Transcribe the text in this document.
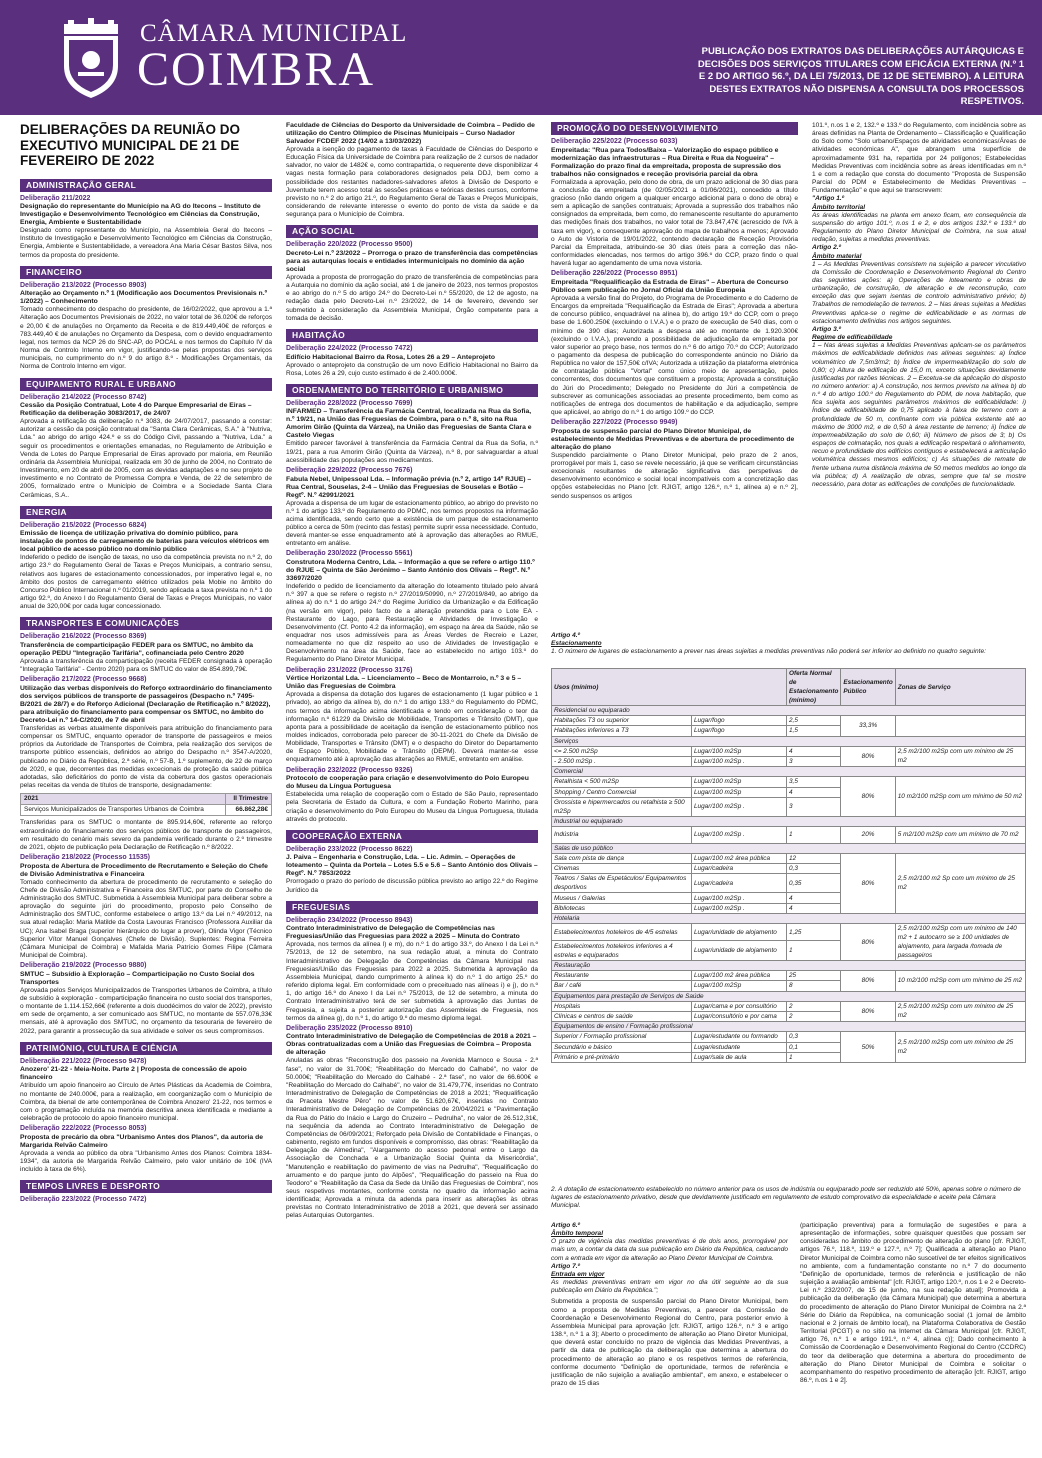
CÂMARA MUNICIPAL
COIMBRA	PUBLICAÇÃO DOS EXTRATOS DAS DELIBERAÇÕES AUTÁRQUICAS E DECISÕES DOS SERVIÇOS TITULARES COM EFICÁCIA EXTERNA (N.º 1 E 2 DO ARTIGO 56.º, DA LEI 75/2013, DE 12 DE SETEMBRO). A LEITURA DESTES EXTRATOS NÃO DISPENSA A CONSULTA DOS PROCESSOS RESPETIVOS.
DELIBERAÇÕES DA REUNIÃO DO EXECUTIVO MUNICIPAL DE 21 DE FEVEREIRO DE 2022
ADMINISTRAÇÃO GERAL
Deliberação 211/2022
Designação do representante do Município na AG do Itecons – Instituto de Investigação e Desenvolvimento Tecnológico em Ciências da Construção, Energia, Ambiente e Sustentabilidade
Designado como representante do Município, na Assembleia Geral do Itecons – Instituto de Investigação e Desenvolvimento Tecnológico em Ciências da Construção, Energia, Ambiente e Sustentabilidade, a vereadora Ana Maria César Bastos Silva, nos termos da proposta do presidente.
FINANCEIRO
Deliberação 213/2022 (Processo 8903)
Alteração ao Orçamento n.º 1 (Modificação aos Documentos Previsionais n.º 1/2022) – Conhecimento
Tomado conhecimento do despacho do presidente, de 16/02/2022, que aprovou a 1.ª Alteração aos Documentos Previsionais de 2022, no valor total de 36.020€ de reforços e 20,00 € de anulações no Orçamento da Receita e de 819.449,40€ de reforços e 783.449,40 € de anulações no Orçamento da Despesa, com o devido enquadramento legal, nos termos da NCP 26 do SNC-AP, do POCAL e nos termos do Capítulo IV da Norma de Controlo Interno em vigor, justificando-se pelas propostas dos serviços municipais, no cumprimento do n.º 9 do artigo 8.º - Modificações Orçamentais, da Norma de Controlo Interno em vigor.
EQUIPAMENTO RURAL E URBANO
Deliberação 214/2022 (Processo 8742)
Cessão da Posição Contratual, Lote 4 do Parque Empresarial de Eiras – Retificação da deliberação 3083/2017, de 24/07
Aprovada a retificação da deliberação n.º 3083, de 24/07/2017, passando a constar: autorizar a cessão da posição contratual da "Santa Clara Cerâmicas, S.A." à "Nutriva, Lda." ao abrigo do artigo 424.º e ss do Código Civil, passando a "Nutriva, Lda." a seguir os procedimentos e orientações emanadas, no Regulamento de Atribuição e Venda de Lotes do Parque Empresarial de Eiras aprovado por maioria, em Reunião ordinária da Assembleia Municipal, realizada em 30 de junho de 2004, no Contrato de Investimento, em 20 de abril de 2005, com as devidas adaptações e no seu projeto de investimento e no Contrato de Promessa Compra e Venda, de 22 de setembro de 2005, formalizado entre o Município de Coimbra e a Sociedade Santa Clara Cerâmicas, S.A..
ENERGIA
Deliberação 215/2022 (Processo 6824)
Emissão de licença de utilização privativa do domínio público, para instalação de pontos de carregamento de baterias para veículos elétricos em local público de acesso público no domínio público
Indeferido o pedido de isenção de taxas, no uso da competência prevista no n.º 2, do artigo 23.º do Regulamento Geral de Taxas e Preços Municipais, a contrario sensu, relativos aos lugares de estacionamento concessionados, por imperativo legal e, no âmbito dos postos de carregamento elétrico utilizados pela Mobie no âmbito do Concurso Público Internacional n.º 01/2019, sendo aplicada a taxa prevista no n.º 1 do artigo 92.º, do Anexo I do Regulamento Geral de Taxas e Preços Municipais, no valor anual de 320,00€ por cada lugar concessionado.
TRANSPORTES E COMUNICAÇÕES
Deliberação 216/2022 (Processo 8369)
Transferência de comparticipação FEDER para os SMTUC, no âmbito da operação PEDU "Integração Tarifária", cofinanciada pelo Centro 2020
Aprovada a transferência da comparticipação (receita FEDER consignada à operação "Integração Tarifária" - Centro 2020) para os SMTUC do valor de 854.899,79€.
Deliberação 217/2022 (Processo 9668)
Utilização das verbas disponíveis do Reforço extraordinário do financiamento dos serviços públicos de transporte de passageiros (Despacho n.º 7495-B/2021 de 28/7) e do Reforço Adicional (Declaração de Retificação n.º 8/2022), para atribuição do financiamento para compensar os SMTUC, no âmbito do Decreto-Lei n.º 14-C/2020, de 7 de abril
Transferidas as verbas atualmente disponíveis para atribuição do financiamento para compensar os SMTUC, enquanto operador de transporte de passageiros e meios próprios da Autoridade de Transportes de Coimbra, pela realização dos serviços de transporte público essenciais, definidos ao abrigo do Despacho n.º 3547-A/2020, publicado no Diário da República, 2.ª série, n.º 57-B, 1.º suplemento, de 22 de março de 2020, e que, decorrentes das medidas excecionais de proteção da saúde pública adotadas, são deficitários do ponto de vista da cobertura dos gastos operacionais pelas receitas da venda de títulos de transporte, designadamente:
2021	II Trimestre
Serviços Municipalizados de Transportes Urbanos de Coimbra	66.862,28€
Transferidas para os SMTUC o montante de 895.914,60€, referente ao reforço extraordinário do financiamento dos serviços públicos de transporte de passageiros, em resultado do cenário mais severo da pandemia verificado durante o 2.º trimestre de 2021, objeto de publicação pela Declaração de Retificação n.º 8/2022.
Deliberação 218/2022 (Processo 11535)
Proposta de Abertura de Procedimento de Recrutamento e Seleção do Chefe de Divisão Administrativa e Financeira
Tomado conhecimento da abertura de procedimento de recrutamento e seleção do Chefe de Divisão Administrativa e Financeira dos SMTUC, por parte do Conselho de Administração dos SMTUC. Submetida à Assembleia Municipal para deliberar sobre a aprovação do seguinte júri do procedimento, proposto pelo Conselho de Administração dos SMTUC, conforme estabelece o artigo 13.º da Lei n.º 49/2012, na sua atual redação: Maria Matilde da Costa Lavouras Francisco (Professora Auxiliar da UC); Ana Isabel Braga (superior hierárquico do lugar a prover), Olinda Vigor (Técnico Superior Vítor Manuel Gonçalves (Chefe de Divisão). Suplentes: Regina Ferreira (Câmara Municipal de Coimbra) e Mafalda Maria Patrício Gomes Filipe (Câmara Municipal de Coimbra).
Deliberação 219/2022 (Processo 9880)
SMTUC – Subsídio à Exploração – Comparticipação no Custo Social dos Transportes
Aprovada pelos Serviços Municipalizados de Transportes Urbanos de Coimbra, a título de subsídio à exploração - comparticipação financeira no custo social dos transportes, o montante de 1.114.152,66€ (referente a dois duodécimos do valor de 2022), previsto em sede de orçamento, a ser comunicado aos SMTUC, no montante de 557.076,33€ mensais, até à aprovação dos SMTUC, no orçamento da tesouraria de fevereiro de 2022, para garantir a prossecução da sua atividade e solver os seus compromissos.
PATRIMÓNIO, CULTURA E CIÊNCIA
Deliberação 221/2022 (Processo 9478)
Anozero' 21-22 - Meia-Noite. Parte 2 | Proposta de concessão de apoio financeiro
Atribuído um apoio financeiro ao Círculo de Artes Plásticas da Academia de Coimbra, no montante de 240.000€, para a realização, em coorganização com o Município de Coimbra, da bienal de arte contemporânea de Coimbra Anozero' 21-22, nos termos e com o programação incluída na memória descritiva anexa identificada e mediante a celebração de protocolo do apoio financeiro municipal.
Deliberação 222/2022 (Processo 8053)
Proposta de precário da obra "Urbanismo Antes dos Planos", da autoria de Margarida Relvão Calmeiro
Aprovada a venda ao público da obra "Urbanismo Antes dos Planos: Coimbra 1834-1934", da autoria de Margarida Relvão Calmeiro, pelo valor unitário de 10€ (IVA incluído à taxa de 6%).
TEMPOS LIVRES E DESPORTO
Deliberação 223/2022 (Processo 7472)
Faculdade de Ciências do Desporto da Universidade de Coimbra – Pedido de utilização do Centro Olímpico de Piscinas Municipais – Curso Nadador Salvador FCDEF 2022 (14/02 a 13/03/2022)
Aprovada a isenção do pagamento de taxas à Faculdade de Ciências do Desporto e Educação Física da Universidade de Coimbra para realização de 2 cursos de nadador salvador, no valor de 1482€ e, como contrapartida, o requerente deve disponibilizar 4 vagas nesta formação para colaboradores designados pela DDJ, bem como a possibilidade dos restantes nadadores-salvadores afetos à Divisão de Desporto e Juventude terem acesso total às sessões práticas e teóricas destes cursos, conforme previsto no n.º 2 do artigo 21.º, do Regulamento Geral de Taxas e Preços Municipais, considerando de relevante interesse o evento do ponto de vista da saúde e da segurança para o Município de Coimbra.
AÇÃO SOCIAL
Deliberação 220/2022 (Processo 9500)
Decreto-Lei n.º 23/2022 – Prorroga o prazo de transferência das competências para as autarquias locais e entidades intermunicipais no domínio da ação social
Aprovada a proposta de prorrogação do prazo de transferência de competências para a Autarquia no domínio da ação social, até 1 de janeiro de 2023, nos termos propostos e ao abrigo do n.º 5 do artigo 24.º do Decreto-Lei n.º 55/2020, de 12 de agosto, na redação dada pelo Decreto-Lei n.º 23/2022, de 14 de fevereiro, devendo ser submetido à consideração da Assembleia Municipal, Órgão competente para a tomada de decisão.
HABITAÇÃO
Deliberação 224/2022 (Processo 7472)
Edifício Habitacional Bairro da Rosa, Lotes 26 a 29 – Anteprojeto
Aprovado o anteprojeto da construção de um novo Edifício Habitacional no Bairro da Rosa, Lotes 26 a 29, cujo custo estimado é de 2.400.000€.
ORDENAMENTO DO TERRITÓRIO E URBANISMO
Deliberação 228/2022 (Processo 7699)
INFARMED – Transferência da Farmácia Central, localizada na Rua da Sofia, n.º 19/21, na União das Freguesias de Coimbra, para o n.º 8, sito na Rua Amorim Girão (Quinta da Várzea), na União das Freguesias de Santa Clara e Castelo Viegas
Emitido parecer favorável à transferência da Farmácia Central da Rua da Sofia, n.º 19/21, para a rua Amorim Girão (Quinta da Várzea), n.º 8, por salvaguardar a atual acessibilidade das populações aos medicamentos.
Deliberação 229/2022 (Processo 7676)
Fabula Nebel, Unipessoal Lda. – Informação prévia (n.º 2, artigo 14º RJUE) – Rua Central, Souselas, 2-4 – União das Freguesias de Souselas e Botão – Regtº. N.º 42991/2021
Aprovada a dispensa de um lugar de estacionamento público, ao abrigo do previsto no n.º 1 do artigo 133.º do Regulamento do PDMC, nos termos propostos na informação acima identificada, sendo certo que a existência de um parque de estacionamento público a cerca de 50m (recinto das festas) permite suprir essa necessidade. Contudo, deverá manter-se esse enquadramento até à aprovação das alterações ao RMUE, entretanto em análise.
Deliberação 230/2022 (Processo 5561)
Construtora Moderna Centro, Lda. – Informação a que se refere o artigo 110.º do RJUE – Quinta de São Jerónimo – Santo António dos Olivais – Regtº. N.º 33697/2020
Indeferido o pedido de licenciamento da alteração do loteamento titulado pelo alvará n.º 397 a que se refere o registo n.º 27/2019/50990, n.º 27/2019/849, ao abrigo da alínea a) do n.º 1 do artigo 24.º do Regime Jurídico da Urbanização e da Edificação (na versão em vigor), pelo facto de a alteração pretendida para o Lote EA - Restaurante do Lago, para Restauração e Atividades de Investigação e Desenvolvimento (Cf. Ponto 4.2 da informação), em espaço na área da Saúde, não se enquadrar nos usos admissíveis para as Áreas Verdes de Recreio e Lazer, nomeadamente no que diz respeito ao uso de Atividades de Investigação e Desenvolvimento na área da Saúde, face ao estabelecido no artigo 103.º do Regulamento do Plano Diretor Municipal.
Deliberação 231/2022 (Processo 3176)
Vértice Horizontal Lda. – Licenciamento – Beco de Montarroio, n.º 3 e 5 – União das Freguesias de Coimbra
Aprovada a dispensa da dotação dos lugares de estacionamento (1 lugar público e 1 privado), ao abrigo da alínea b), do n.º 1 do artigo 133.º do Regulamento do PDMC, nos termos da informação acima identificada e tendo em consideração o teor da informação n.º 61229 da Divisão de Mobilidade, Transportes e Trânsito (DMT), que aponta para a possibilidade de aceitação da isenção de estacionamento público nos moldes indicados, corroborada pelo parecer de 30-11-2021 do Chefe da Divisão de Mobilidade, Transportes e Trânsito (DMT) e o despacho do Diretor do Departamento de Espaço Público, Mobilidade e Trânsito (DEPM). Deverá manter-se esse enquadramento até à aprovação das alterações ao RMUE, entretanto em análise.
Deliberação 232/2022 (Processo 9326)
Protocolo de cooperação para criação e desenvolvimento do Polo Europeu do Museu da Língua Portuguesa
Estabelecida uma relação de cooperação com o Estado de São Paulo, representado pela Secretaria de Estado da Cultura, e com a Fundação Roberto Marinho, para criação e desenvolvimento do Polo Europeu do Museu da Língua Portuguesa, titulada através do protocolo.
COOPERAÇÃO EXTERNA
Deliberação 233/2022 (Processo 8622)
J. Paiva – Engenharia e Construção, Lda. – Lic. Admin. – Operações de loteamento – Quinta da Portela – Lotes 5.5 e 5.6 – Santo António dos Olivais – Regtº. N.º 7853/2022
Prorrogado o prazo do período de discussão pública previsto ao artigo 22.º do Regime Jurídico da
FREGUESIAS
Deliberação 234/2022 (Processo 8943)
Contrato Interadministrativo de Delegação de Competências nas Freguesias/União das Freguesias para 2022 a 2025 – Minuta do Contrato
Aprovada, nos termos da alínea l) e m), do n.º 1 do artigo 33.º, do Anexo I da Lei n.º 75/2013, de 12 de setembro, na sua redação atual, a minuta do Contrato Interadministrativo de Delegação de Competências da Câmara Municipal nas Freguesias/União das Freguesias para 2022 a 2025. Submetida à aprovação da Assembleia Municipal, dando cumprimento à alínea k) do n.º 1 do artigo 25.º do referido diploma legal. Em conformidade com o preceituado nas alíneas i) e j), do n.º 1, do artigo 16.º do Anexo I da Lei n.º 75/2013, de 12 de setembro, a minuta do Contrato Interadministrativo terá de ser submetida à aprovação das Juntas de Freguesia, a sujeita a posterior autorização das Assembleias de Freguesia, nos termos da alínea g), do n.º 1, do artigo 9.º do mesmo diploma legal.
Deliberação 235/2022 (Processo 8910)
Contrato Interadministrativo de Delegação de Competências de 2018 a 2021 – Obras contratualizadas com a União das Freguesias de Coimbra – Proposta de alteração
Anuladas as obras "Reconstrução dos passeio na Avenida Marnoco e Sousa - 2.ª fase", no valor de 31.700€; "Reabilitação do Mercado do Calhabé", no valor de 50.000€; "Reabilitação do Mercado do Calhabé - 2.ª fase", no valor de 66.600€ e "Reabilitação do Mercado do Calhabé", no valor de 31.479,77€, inseridas no Contrato Interadministrativo de Delegação de Competências de 2018 a 2021; "Requalificação da Praceta Mestre Pêro" no valor de 51.620,67€, inseridas no Contrato Interadministrativo de Delegação de Competências de 20/04/2021 e "Pavimentação da Rua do Pátio do Inácio e Largo do Cruzeiro – Pedrulha", no valor de 26.512,31€, na sequência da adenda ao Contrato Interadministrativo de Delegação de Competências de 06/09/2021; Reforçado pela Divisão de Contabilidade e Finanças, o cabimento, registo em fundos disponíveis e compromisso, das obras: "Reabilitação da Delegação de Almedina", "Alargamento do acesso pedonal entre o Largo da Associação de Conchada e a Urbanização Social Quinta da Misericórdia", "Manutenção e reabilitação do pavimento de vias na Pedrulha", "Requalificação do arruamento e do parque junto do Alpões", "Requalificação do passeio na Rua do Teodoro" e "Reabilitação da Casa da Sede da União das Freguesias de Coimbra", nos seus respetivos montantes, conforme consta no quadro da informação acima identificada; Aprovada a minuta da adenda para inserir as alterações às obras previstas no Contrato Interadministrativo de 2018 a 2021, que deverá ser assinado pelas Autarquias Outorgantes.
PROMOÇÃO DO DESENVOLVIMENTO
Deliberação 225/2022 (Processo 6033)
Empreitada: "Rua para Todos/Baixa – Valorização do espaço público e modernização das infraestruturas – Rua Direita e Rua da Nogueira" – Formalização do prazo final da empreitada, proposta de supressão dos trabalhos não consignados e receção provisória parcial da obra
Formalizada a aprovação, pelo dono de obra, de um prazo adicional de 30 dias para a conclusão da empreitada (de 02/05/2021 a 01/06/2021), concedido a título gracioso (não dando origem a qualquer encargo adicional para o dono de obra) e sem a aplicação de sanções contratuais; Aprovada a supressão dos trabalhos não consignados da empreitada, bem como, do remanescente resultante do apuramento das medições finais dos trabalhos, no valor total de 73.847,47€ (acrescido de IVA à taxa em vigor), e consequente aprovação do mapa de trabalhos a menos; Aprovado o Auto de Vistoria de 19/01/2022, contendo declaração de Receção Provisória Parcial da Empreitada, atribuindo-se 30 dias úteis para a correção das não-conformidades elencadas, nos termos do artigo 396.º do CCP, prazo findo o qual haverá lugar ao agendamento de uma nova vistoria.
Deliberação 226/2022 (Processo 8951)
Empreitada "Requalificação da Estrada de Eiras" – Abertura de Concurso Público sem publicação no Jornal Oficial da União Europeia
Aprovada a versão final do Projeto, do Programa de Procedimento e do Caderno de Encargos da empreitada "Requalificação da Estrada de Eiras"; Aprovada a abertura de concurso público, enquadrável na alínea b), do artigo 19.º do CCP, com o preço base de 1.600.250€ (excluindo o I.V.A.) e o prazo de execução de 540 dias, com o mínimo de 390 dias; Autorizada a despesa até ao montante de 1.920.300€ (excluindo o I.V.A.), prevendo a possibilidade de adjudicação da empreitada por valor superior ao preço base, nos termos do n.º 6 do artigo 70.º do CCP; Autorizado o pagamento da despesa de publicação do correspondente anúncio no Diário da República no valor de 157,50€ c/IVA; Autorizada a utilização da plataforma eletrónica de contratação pública "Vortal" como único meio de apresentação, pelos concorrentes, dos documentos que constituem a proposta; Aprovada a constituição do Júri do Procedimento; Delegado no Presidente do Júri a competência de subscrever as comunicações associadas ao presente procedimento, bem como as notificações de entrega dos documentos de habilitação e da adjudicação, sempre que aplicável, ao abrigo do n.º 1 do artigo 109.º do CCP.
Deliberação 227/2022 (Processo 9949)
Proposta de suspensão parcial do Plano Diretor Municipal, de estabelecimento de Medidas Preventivas e de abertura de procedimento de alteração do plano
Suspendido parcialmente o Plano Diretor Municipal, pelo prazo de 2 anos, prorrogável por mais 1, caso se revele necessário, já que se verificam circunstâncias excecionais resultantes de alteração significativa das perspetivas de desenvolvimento económico e social local incompatíveis com a concretização das opções estabelecidas no Plano [cfr. RJIGT, artigo 126.º, n.º 1, alínea a) e n.º 2], sendo suspensos os artigos
101.º, n.os 1 e 2, 132.º e 133.º do Regulamento, com incidência sobre as áreas definidas na Planta de Ordenamento – Classificação e Qualificação do Solo como "Solo urbano/Espaços de atividades económicas/Áreas de atividades económicas A", que abrangem uma superfície de aproximadamente 931 ha, repartida por 24 polígonos; Estabelecidas Medidas Preventivas com incidência sobre as áreas identificadas em n.º 1 e com a redação que consta do documento "Proposta de Suspensão Parcial do PDM e Estabelecimento de Medidas Preventivas – Fundamentação" e que aqui se transcrevem:
"Artigo 1.º
Âmbito territorial
As áreas identificadas na planta em anexo ficam, em consequência da suspensão do artigo 101.º, n.os 1 e 2, e dos artigos 132.º e 133.º do Regulamento do Plano Diretor Municipal de Coimbra, na sua atual redação, sujeitas a medidas preventivas.
Artigo 2.º
Âmbito material
1 – As Medidas Preventivas consistem na sujeição a parecer vinculativo da Comissão de Coordenação e Desenvolvimento Regional do Centro das seguintes ações: a) Operações de loteamento e obras de urbanização, de construção, de alteração e de reconstrução, com exceção das que sejam isentas de controlo administrativo prévio; b) Trabalhos de remodelação de terrenos. 2 – Nas áreas sujeitas a Medidas Preventivas aplica-se o regime de edificabilidade e as normas de estacionamento definidas nos artigos seguintes.
Artigo 3.º
Regime de edificabilidade
1 – Nas áreas sujeitas a Medidas Preventivas aplicam-se os parâmetros máximos de edificabilidade definidos nas alíneas seguintes: a) Índice volumétrico de 7,5m3/m2; b) Índice de impermeabilização do solo de 0,80; c) Altura de edificação de 15,0 m, exceto situações devidamente justificadas por razões técnicas. 2 – Excetua-se da aplicação do disposto no número anterior: a) A construção, nos termos previsto na alínea b) do n.º 4 do artigo 100.º do Regulamento do PDM, de nova habitação, que fica sujeita aos seguintes parâmetros máximos de edificabilidade: i) Índice de edificabilidade de 0,75 aplicado à faixa de terreno com a profundidade de 50 m, confinante com via pública existente até ao máximo de 3000 m2, e de 0,50 à área restante de terreno; ii) Índice de impermeabilização do solo de 0,60; iii) Número de pisos de 3; b) Os espaços de colmatação, nos quais a edificação respeitará o alinhamento, recuo e profundidade dos edifícios contíguos e estabelecerá a articulação volumétrica desses mesmos edifícios; c) As situações de remate de frente urbana numa distância máxima de 50 metros medidos ao longo da via pública; d) A realização de obras, sempre que tal se mostre necessário, para dotar as edificações de condições de funcionalidade.
Artigo 4.º
Estacionamento
1. O número de lugares de estacionamento a prever nas áreas sujeitas a medidas preventivas não poderá ser inferior ao definido no quadro seguinte:
Usos (mínimo)		Oferta Normal de Estacionamento (mínimo)	Estacionamento Público	Zonas de Serviço
Residencial ou equiparado				
Habitações T3 ou superior	Lugar/fogo	2,5	33,3%	
Habitações inferiores a T3	Lugar/fogo	1,5		
Serviços				
<= 2.500 m2Sp	Lugar/100 m2Sp	4	80%	2,5 m2/100 m2Sp com um mínimo de 25 m2
- 2.500 m2Sp .	Lugar/100 m2Sp .	3		
Comercial				
Retalhista < 500 m2Sp	Lugar/100 m2Sp	3,5	80%	10 m2/100 m2Sp com um mínimo de 50 m2
Shopping / Centro Comercial	Lugar/100 m2Sp	4		
Grossista e hipermercados ou retalhista ≥ 500 m2Sp	Lugar/100 m2Sp .	3		
Industrial ou equiparado				
Indústria	Lugar/100 m2Sp .	1	20%	5 m2/100 m2Sp com um mínimo de 70 m2
Salas de uso público				
Sala com pista de dança	Lugar/100 m2 área pública	12	80%	2,5 m2/100 m2 Sp com um mínimo de 25 m2
Cinemas	Lugar/cadeira	0,3		
Teatros / Salas de Espetáculos/ Equipamentos desportivos	Lugar/cadeira	0,35		
Museus / Galerias	Lugar/100 m2Sp .	4		
Bibliotecas	Lugar/100 m2Sp .	4		
Hotelaria				
Estabelecimentos hoteleiros de 4/5 estrelas	Lugar/unidade de alojamento	1,25	80%	2,5 m2/100 m2Sp com um mínimo de 140 m2 + 1 autocarro se ≥ 100 unidades de alojamento, para largada /tomada de passageiros
Estabelecimentos hoteleiros inferiores a 4 estrelas e equiparados	Lugar/unidade de alojamento	1		
Restauração				
Restaurante	Lugar/100 m2 área pública	25	80%	10 m2/100 m2Sp com um mínimo de 25 m2
Bar / café	Lugar/100 m2Sp	8		
Equipamentos para prestação de Serviços de Saúde				
Hospitais	Lugar/cama e por consultório	2	80%	2,5 m2/100 m2Sp com um mínimo de 25 m2
Clínicas e centros de saúde	Lugar/consultório e por cama	2		
Equipamentos de ensino / Formação profissional				
Superior / Formação profissional	Lugar/estudante ou formando	0,3	50%	2,5 m2/100 m2Sp com um mínimo de 25 m2
Secundário e básico	Lugar/estudante	0,1		
Primário e pré-primário	Lugar/sala de aula	1		
2. A dotação de estacionamento estabelecido no número anterior para os usos de indústria ou equiparado pode ser reduzido até 50%, apenas sobre o número de lugares de estacionamento privativo, desde que devidamente justificado em regulamento de estudo comprovativo da especialidade e aceite pela Câmara Municipal.
Artigo 6.º
Âmbito temporal
O prazo de vigência das medidas preventivas é de dois anos, prorrogável por mais um, a contar da data da sua publicação em Diário da República, caducando com a entrada em vigor da alteração ao Plano Diretor Municipal de Coimbra.
Artigo 7.º
Entrada em vigor
As medidas preventivas entram em vigor no dia útil seguinte ao da sua publicação em Diário da República.";
Submetida a proposta de suspensão parcial do Plano Diretor Municipal, bem como a proposta de Medidas Preventivas, a parecer da Comissão de Coordenação e Desenvolvimento Regional do Centro, para posterior envio à Assembleia Municipal para aprovação [cfr. RJIGT, artigo 126.º, n.º 3 e artigo 138.º, n.º 1 a 3]; Aberto o procedimento de alteração ao Plano Diretor Municipal, que deverá estar concluído no prazo de vigência das Medidas Preventivas, a partir da data de publicação da deliberação que determina a abertura do procedimento de alteração ao plano e os respetivos termos de referência, conforme documento "Definição de oportunidade, termos de referência e justificação de não sujeição a avaliação ambiental", em anexo, e estabelecer o prazo de 15 dias
(participação preventiva) para a formulação de sugestões e para a apresentação de informações, sobre quaisquer questões que possam ser consideradas no âmbito do procedimento de alteração do plano [cfr. RJIGT, artigos 76.º, 118.º, 119.º e 127.º, n.º 7]; Qualificada a alteração ao Plano Diretor Municipal de Coimbra como não suscetível de ter efeitos significativos no ambiente, com a fundamentação constante no n.º 7 do documento "Definição de oportunidade, termos de referência e justificação de não sujeição a avaliação ambiental" [cfr. RJIGT, artigo 120.º, n.os 1 e 2 e Decreto-Lei n.º 232/2007, de 15 de junho, na sua redação atual]; Promovida a publicação da deliberação (da Câmara Municipal) que determina a abertura do procedimento de alteração do Plano Diretor Municipal de Coimbra na 2.ª Série do Diário da República, na comunicação social (1 jornal de âmbito nacional e 2 jornais de âmbito local), na Plataforma Colaborativa de Gestão Territorial (PCGT) e no sítio na Internet da Câmara Municipal [cfr. RJIGT, artigo 76, n.º 1 e artigo 191.º, n.º 4, alínea c)]; Dado conhecimento à Comissão de Coordenação e Desenvolvimento Regional do Centro (CCDRC) do teor da deliberação que determina a abertura do procedimento de alteração do Plano Diretor Municipal de Coimbra e solicitar o acompanhamento do respetivo procedimento de alteração [cfr. RJIGT, artigo 86.º, n.os 1 e 2].
